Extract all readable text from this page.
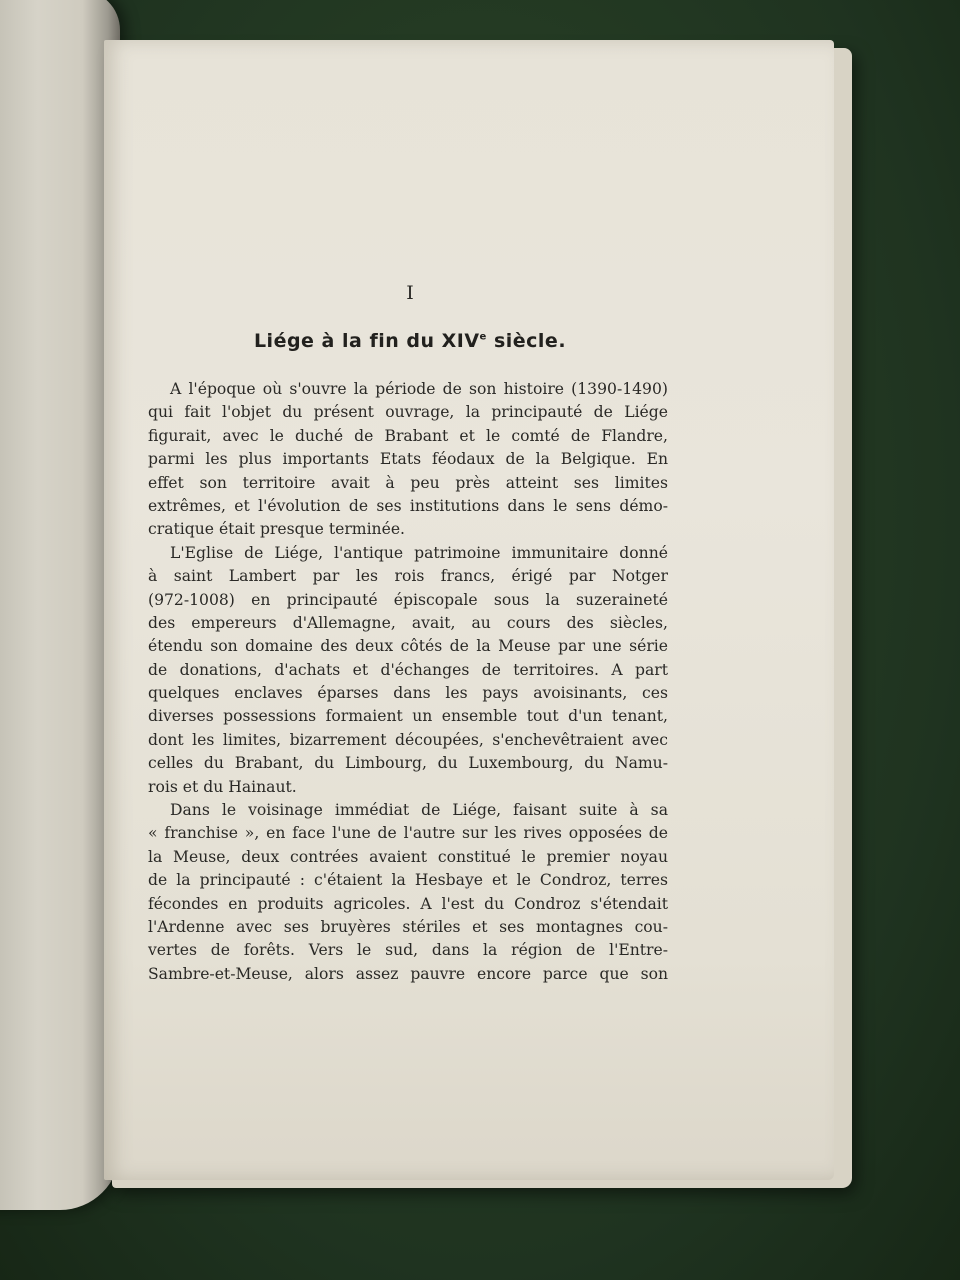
I
Liége à la fin du XIVe siècle.
A l'époque où s'ouvre la période de son histoire (1390-1490)
qui fait l'objet du présent ouvrage, la principauté de Liége
figurait, avec le duché de Brabant et le comté de Flandre,
parmi les plus importants Etats féodaux de la Belgique. En
effet son territoire avait à peu près atteint ses limites
extrêmes, et l'évolution de ses institutions dans le sens démo-
cratique était presque terminée.
L'Eglise de Liége, l'antique patrimoine immunitaire donné
à saint Lambert par les rois francs, érigé par Notger
(972-1008) en principauté épiscopale sous la suzeraineté
des empereurs d'Allemagne, avait, au cours des siècles,
étendu son domaine des deux côtés de la Meuse par une série
de donations, d'achats et d'échanges de territoires. A part
quelques enclaves éparses dans les pays avoisinants, ces
diverses possessions formaient un ensemble tout d'un tenant,
dont les limites, bizarrement découpées, s'enchevêtraient avec
celles du Brabant, du Limbourg, du Luxembourg, du Namu-
rois et du Hainaut.
Dans le voisinage immédiat de Liége, faisant suite à sa
« franchise », en face l'une de l'autre sur les rives opposées de
la Meuse, deux contrées avaient constitué le premier noyau
de la principauté : c'étaient la Hesbaye et le Condroz, terres
fécondes en produits agricoles. A l'est du Condroz s'étendait
l'Ardenne avec ses bruyères stériles et ses montagnes cou-
vertes de forêts. Vers le sud, dans la région de l'Entre-
Sambre-et-Meuse, alors assez pauvre encore parce que son
